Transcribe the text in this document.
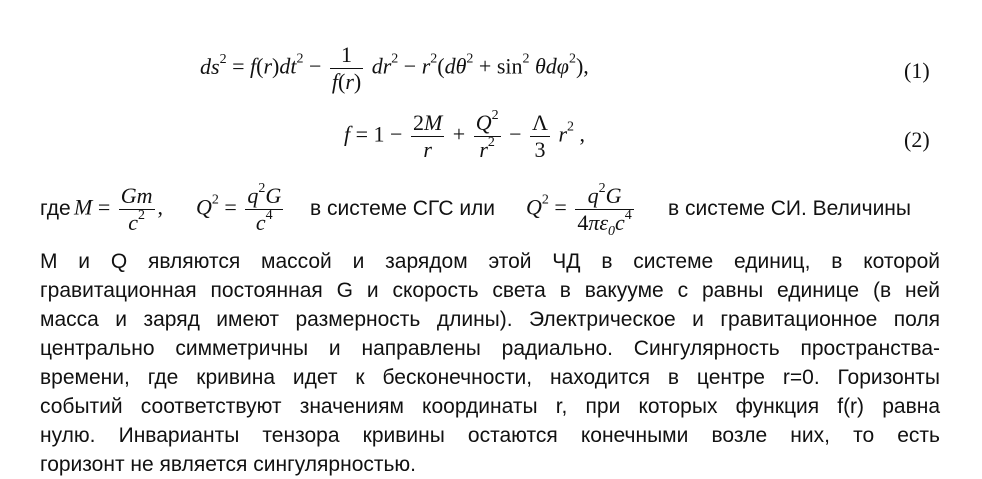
$ds^2 = f(r)dt^2 - \frac{1}{f(r)} dr^2 - r^2(d\theta^2 + \sin^2 \theta d\varphi^2)$,	(1)
$f = 1 - \frac{2M}{r} + \frac{Q^2}{r^2} - \frac{\Lambda}{3} r^2$ ,	(2)
где $M = \frac{Gm}{c^2}$ , $Q^2 = \frac{q^2G}{c^4}$ в системе СГС или $Q^2 = \frac{q^2G}{4\pi\varepsilon_0c^4}$ в системе СИ. Величины
М и Q являются массой и зарядом этой ЧД в системе единиц, в которой
гравитационная постоянная G и скорость света в вакууме с равны единице (в ней
масса и заряд имеют размерность длины). Электрическое и гравитационное поля
центрально симметричны и направлены радиально. Сингулярность пространства-
времени, где кривина идет к бесконечности, находится в центре r=0. Горизонты
событий соответствуют значениям координаты r, при которых функция f(r) равна
нулю. Инварианты тензора кривины остаются конечными возле них, то есть
горизонт не является сингулярностью.
